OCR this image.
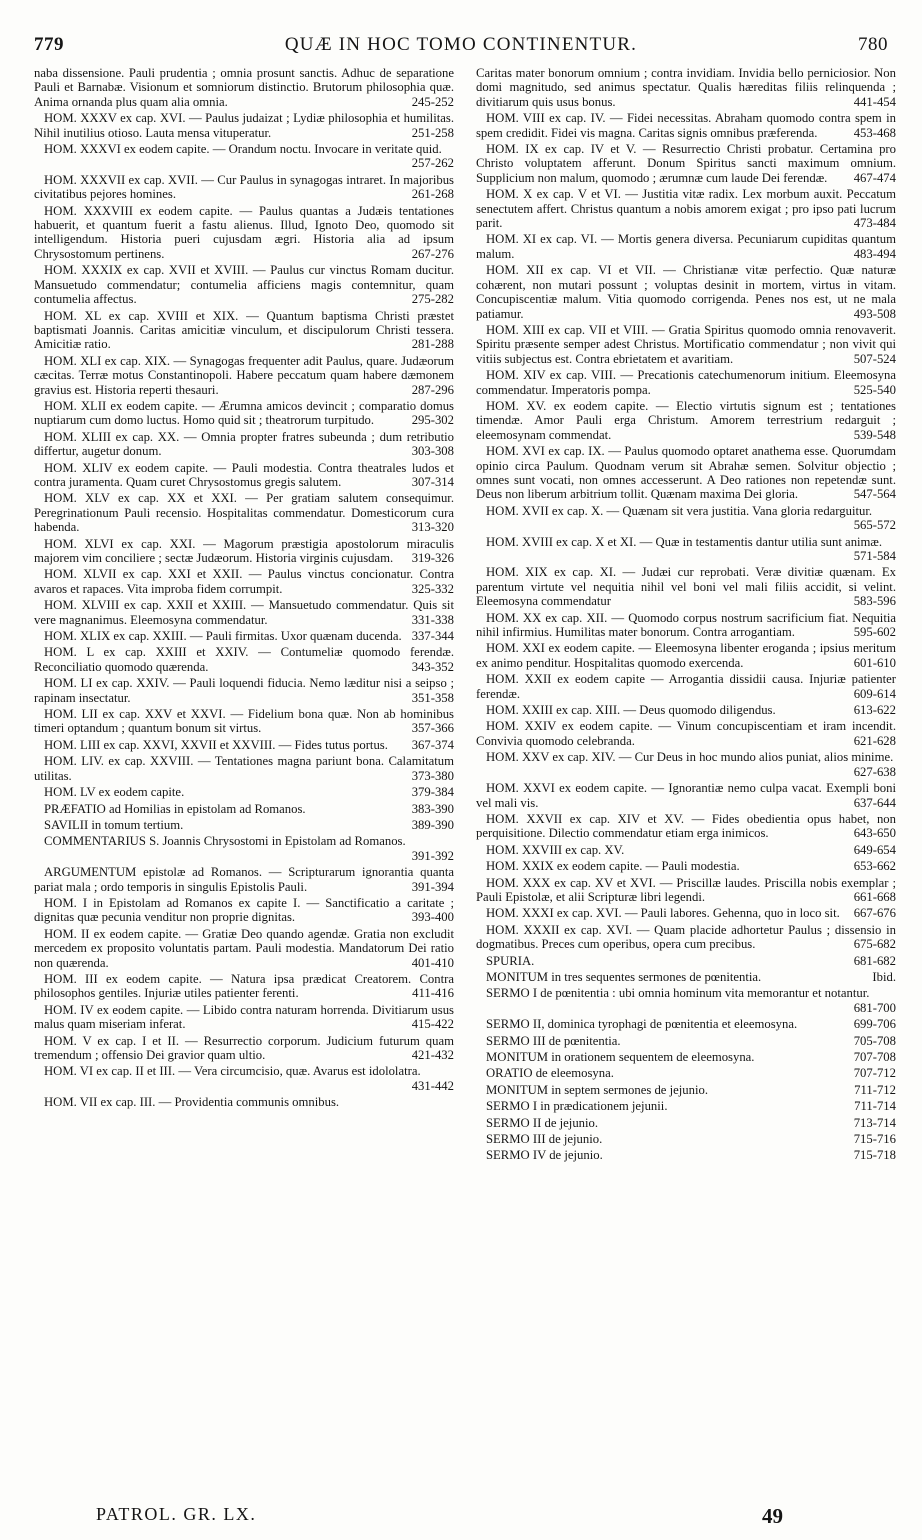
779	QUÆ IN HOC TOMO CONTINENTUR.	780
naba dissensione. Pauli prudentia ; omnia prosunt sanctis. Adhuc de separatione Pauli et Barnabæ. Visionum et somniorum distinctio. Brutorum philosophia quæ. Anima ornanda plus quam alia omnia.	245-252
HOM. XXXV ex cap. XVI. — Paulus judaizat ; Lydiæ philosophia et humilitas. Nihil inutilius otioso. Lauta mensa vituperatur.	251-258
HOM. XXXVI ex eodem capite. — Orandum noctu. Invocare in veritate quid.
257-262
HOM. XXXVII ex cap. XVII. — Cur Paulus in synagogas intraret. In majoribus civitatibus pejores homines.	261-268
HOM. XXXVIII ex eodem capite. — Paulus quantas a Judæis tentationes habuerit, et quantum fuerit a fastu alienus. Illud, Ignoto Deo, quomodo sit intelligendum. Historia pueri cujusdam ægri. Historia alia ad ipsum Chrysostomum pertinens.	267-276
HOM. XXXIX ex cap. XVII et XVIII. — Paulus cur vinctus Romam ducitur. Mansuetudo commendatur; contumelia afficiens magis contemnitur, quam contumelia affectus.	275-282
HOM. XL ex cap. XVIII et XIX. — Quantum baptisma Christi præstet baptismati Joannis. Caritas amicitiæ vinculum, et discipulorum Christi tessera. Amicitiæ ratio.	281-288
HOM. XLI ex cap. XIX. — Synagogas frequenter adit Paulus, quare. Judæorum cæcitas. Terræ motus Constantinopoli. Habere peccatum quam habere dæmonem gravius est. Historia reperti thesauri.	287-296
HOM. XLII ex eodem capite. — Ærumna amicos devincit ; comparatio domus nuptiarum cum domo luctus. Homo quid sit ; theatrorum turpitudo.	295-302
HOM. XLIII ex cap. XX. — Omnia propter fratres subeunda ; dum retributio differtur, augetur donum.	303-308
HOM. XLIV ex eodem capite. — Pauli modestia. Contra theatrales ludos et contra juramenta. Quam curet Chrysostomus gregis salutem.	307-314
HOM. XLV ex cap. XX et XXI. — Per gratiam salutem consequimur. Peregrinationum Pauli recensio. Hospitalitas commendatur. Domesticorum cura habenda.	313-320
HOM. XLVI ex cap. XXI. — Magorum præstigia apostolorum miraculis majorem vim conciliere ; sectæ Judæorum. Historia virginis cujusdam.	319-326
HOM. XLVII ex cap. XXI et XXII. — Paulus vinctus concionatur. Contra avaros et rapaces. Vita improba fidem corrumpit.	325-332
HOM. XLVIII ex cap. XXII et XXIII. — Mansuetudo commendatur. Quis sit vere magnanimus. Eleemosyna commendatur.	331-338
HOM. XLIX ex cap. XXIII. — Pauli firmitas. Uxor quænam ducenda. 337-344
HOM. L ex cap. XXIII et XXIV. — Contumeliæ quomodo ferendæ. Reconciliatio quomodo quærenda.	343-352
HOM. LI ex cap. XXIV. — Pauli loquendi fiducia. Nemo læditur nisi a seipso ; rapinam insectatur.	351-358
HOM. LII ex cap. XXV et XXVI. — Fidelium bona quæ. Non ab hominibus timeri optandum ; quantum bonum sit virtus.	357-366
HOM. LIII ex cap. XXVI, XXVII et XXVIII. — Fides tutus portus.	367-374
HOM. LIV. ex cap. XXVIII. — Tentationes magna pariunt bona. Calamitatum utilitas.	373-380
HOM. LV ex eodem capite.	379-384
PRÆFATIO ad Homilias in epistolam ad Romanos.	383-390
SAVILII in tomum tertium.	389-390
COMMENTARIUS S. Joannis Chrysostomi in Epistolam ad Romanos.
391-392
ARGUMENTUM epistolæ ad Romanos. — Scripturarum ignorantia quanta pariat mala ; ordo temporis in singulis Epistolis Pauli.	391-394
HOM. I in Epistolam ad Romanos ex capite I. — Sanctificatio a caritate ; dignitas quæ pecunia venditur non proprie dignitas.	393-400
HOM. II ex eodem capite. — Gratiæ Deo quando agendæ. Gratia non excludit mercedem ex proposito voluntatis partam. Pauli modestia. Mandatorum Dei ratio non quærenda.	401-410
HOM. III ex eodem capite. — Natura ipsa prædicat Creatorem. Contra philosophos gentiles. Injuriæ utiles patienter ferenti.	411-416
HOM. IV ex eodem capite. — Libido contra naturam horrenda. Divitiarum usus malus quam miseriam inferat.	415-422
HOM. V ex cap. I et II. — Resurrectio corporum. Judicium futurum quam tremendum ; offensio Dei gravior quam ultio.	421-432
HOM. VI ex cap. II et III. — Vera circumcisio, quæ. Avarus est idololatra.
431-442
HOM. VII ex cap. III. — Providentia communis omnibus.
Caritas mater bonorum omnium ; contra invidiam. Invidia bello perniciosior. Non domi magnitudo, sed animus spectatur. Qualis hæreditas filiis relinquenda ; divitiarum quis usus bonus.	441-454
HOM. VIII ex cap. IV. — Fidei necessitas. Abraham quomodo contra spem in spem credidit. Fidei vis magna. Caritas signis omnibus præferenda.	453-468
HOM. IX ex cap. IV et V. — Resurrectio Christi probatur. Certamina pro Christo voluptatem afferunt. Donum Spiritus sancti maximum omnium. Supplicium non malum, quomodo ; ærumnæ cum laude Dei ferendæ.	467-474
HOM. X ex cap. V et VI. — Justitia vitæ radix. Lex morbum auxit. Peccatum senectutem affert. Christus quantum a nobis amorem exigat ; pro ipso pati lucrum parit.	473-484
HOM. XI ex cap. VI. — Mortis genera diversa. Pecuniarum cupiditas quantum malum.	483-494
HOM. XII ex cap. VI et VII. — Christianæ vitæ perfectio. Quæ naturæ cohærent, non mutari possunt ; voluptas desinit in mortem, virtus in vitam. Concupiscentiæ malum. Vitia quomodo corrigenda. Penes nos est, ut ne mala patiamur.	493-508
HOM. XIII ex cap. VII et VIII. — Gratia Spiritus quomodo omnia renovaverit. Spiritu præsente semper adest Christus. Mortificatio commendatur ; non vivit qui vitiis subjectus est. Contra ebrietatem et avaritiam.	507-524
HOM. XIV ex cap. VIII. — Precationis catechumenorum initium. Eleemosyna commendatur. Imperatoris pompa.	525-540
HOM. XV. ex eodem capite. — Electio virtutis signum est ; tentationes timendæ. Amor Pauli erga Christum. Amorem terrestrium redarguit ; eleemosynam commendat.	539-548
HOM. XVI ex cap. IX. — Paulus quomodo optaret anathema esse. Quorumdam opinio circa Paulum. Quodnam verum sit Abrahæ semen. Solvitur objectio ; omnes sunt vocati, non omnes accesserunt. A Deo rationes non repetendæ sunt. Deus non liberum arbitrium tollit. Quænam maxima Dei gloria.	547-564
HOM. XVII ex cap. X. — Quænam sit vera justitia. Vana gloria redarguitur.
565-572
HOM. XVIII ex cap. X et XI. — Quæ in testamentis dantur utilia sunt animæ.
571-584
HOM. XIX ex cap. XI. — Judæi cur reprobati. Veræ divitiæ quænam. Ex parentum virtute vel nequitia nihil vel boni vel mali filiis accidit, si velint. Eleemosyna commendatur	583-596
HOM. XX ex cap. XII. — Quomodo corpus nostrum sacrificium fiat. Nequitia nihil infirmius. Humilitas mater bonorum. Contra arrogantiam.	595-602
HOM. XXI ex eodem capite. — Eleemosyna libenter eroganda ; ipsius meritum ex animo penditur. Hospitalitas quomodo exercenda.	601-610
HOM. XXII ex eodem capite — Arrogantia dissidii causa. Injuriæ patienter ferendæ.	609-614
HOM. XXIII ex cap. XIII. — Deus quomodo diligendus.	613-622
HOM. XXIV ex eodem capite. — Vinum concupiscentiam et iram incendit. Convivia quomodo celebranda.	621-628
HOM. XXV ex cap. XIV. — Cur Deus in hoc mundo alios puniat, alios minime.
627-638
HOM. XXVI ex eodem capite. — Ignorantiæ nemo culpa vacat. Exempli boni vel mali vis.	637-644
HOM. XXVII ex cap. XIV et XV. — Fides obedientia opus habet, non perquisitione. Dilectio commendatur etiam erga inimicos.	643-650
HOM. XXVIII ex cap. XV.	649-654
HOM. XXIX ex eodem capite. — Pauli modestia.	653-662
HOM. XXX ex cap. XV et XVI. — Priscillæ laudes. Priscilla nobis exemplar ; Pauli Epistolæ, et alii Scripturæ libri legendi.	661-668
HOM. XXXI ex cap. XVI. — Pauli labores. Gehenna, quo in loco sit.	667-676
HOM. XXXII ex cap. XVI. — Quam placide adhortetur Paulus ; dissensio in dogmatibus. Preces cum operibus, opera cum precibus.	675-682
SPURIA.	681-682
MONITUM in tres sequentes sermones de pœnitentia.	Ibid.
SERMO I de pœnitentia : ubi omnia hominum vita memorantur et notantur.
681-700
SERMO II, dominica tyrophagi de pœnitentia et eleemosyna.	699-706
SERMO III de pœnitentia.	705-708
MONITUM in orationem sequentem de eleemosyna.	707-708
ORATIO de eleemosyna.	707-712
MONITUM in septem sermones de jejunio.	711-712
SERMO I in prædicationem jejunii.	711-714
SERMO II de jejunio.	713-714
SERMO III de jejunio.	715-716
SERMO IV de jejunio.	715-718
PATROL. GR. LX.	49
